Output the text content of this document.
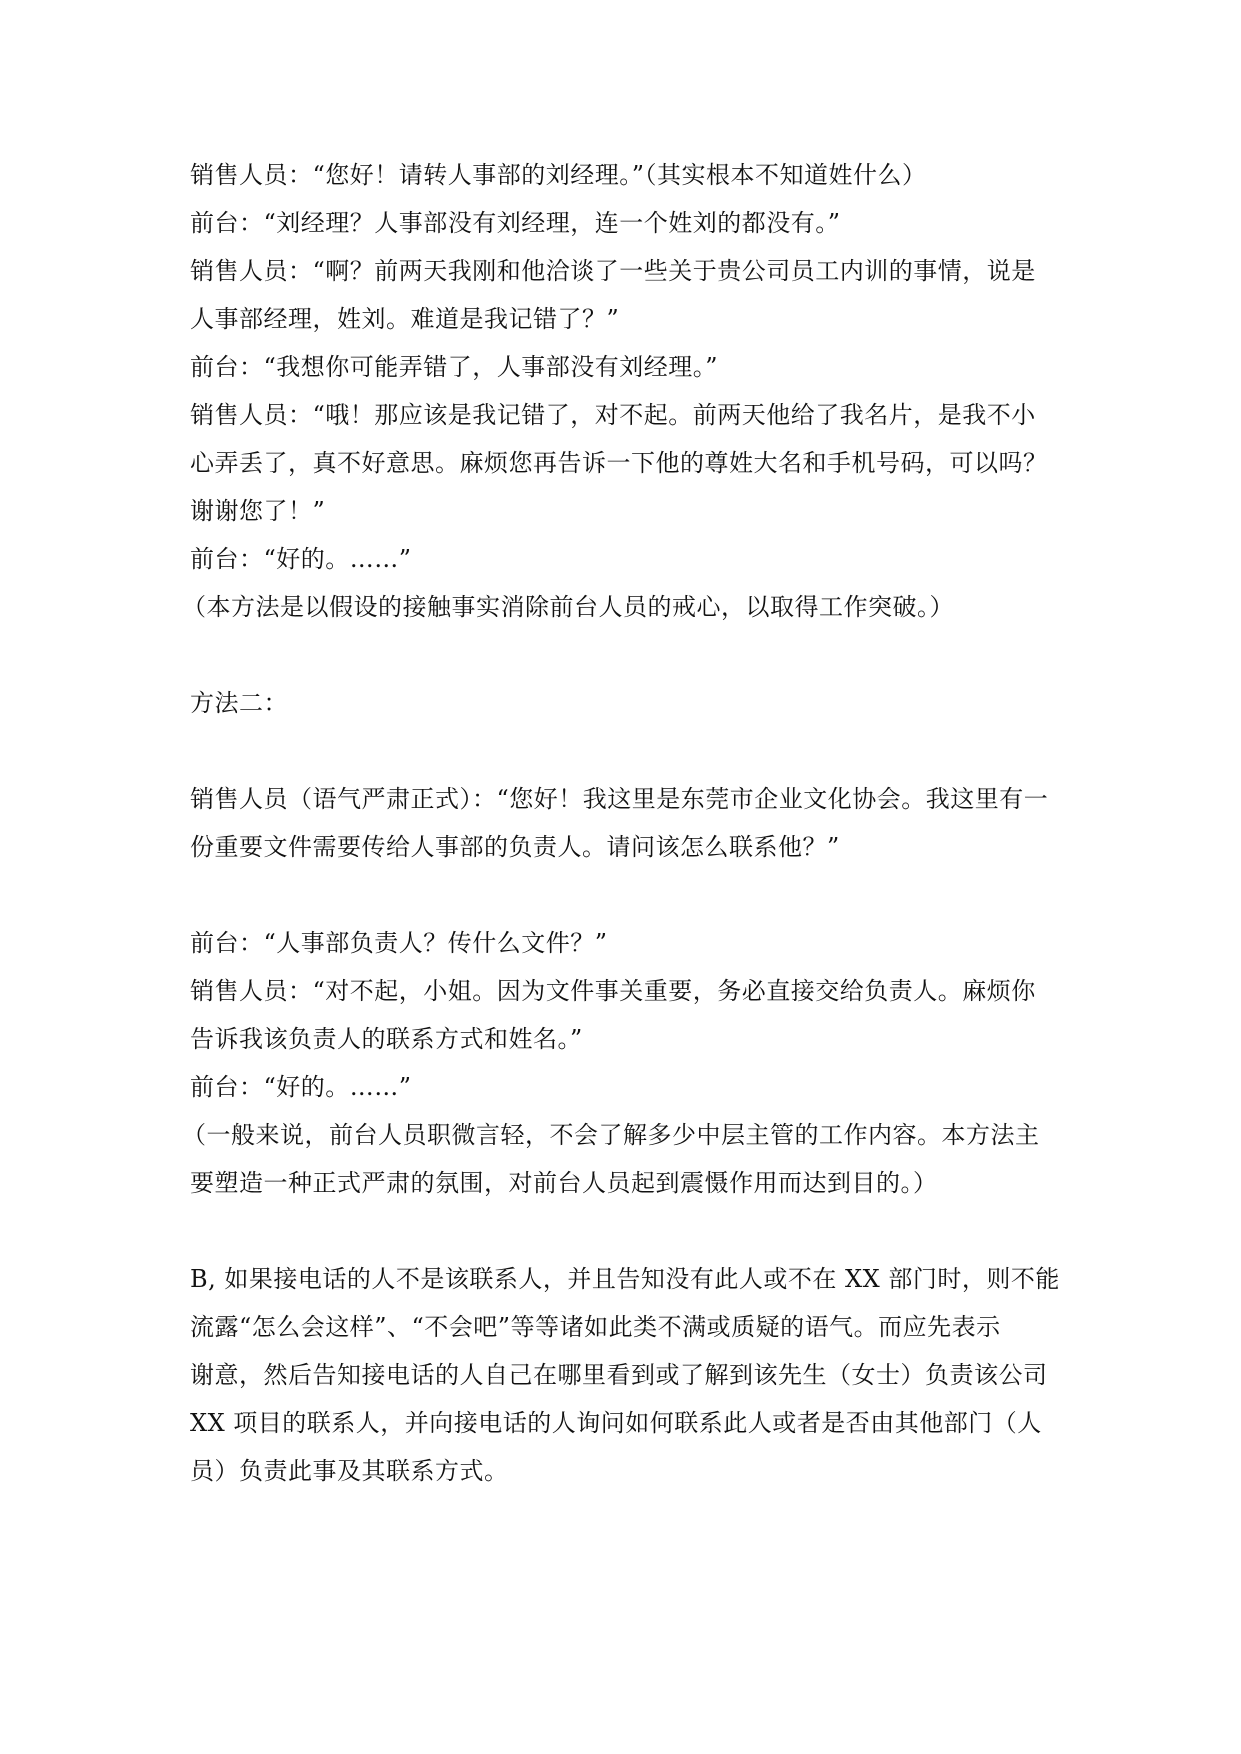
销售人员：“您好！请转人事部的刘经理。”（其实根本不知道姓什么）
前台：“刘经理？人事部没有刘经理，连一个姓刘的都没有。”
销售人员：“啊？前两天我刚和他洽谈了一些关于贵公司员工内训的事情，说是
人事部经理，姓刘。难道是我记错了？”
前台：“我想你可能弄错了，人事部没有刘经理。”
销售人员：“哦！那应该是我记错了，对不起。前两天他给了我名片，是我不小
心弄丢了，真不好意思。麻烦您再告诉一下他的尊姓大名和手机号码，可以吗？
谢谢您了！”
前台：“好的。……”
（本方法是以假设的接触事实消除前台人员的戒心，以取得工作突破。）
方法二：
销售人员（语气严肃正式）：“您好！我这里是东莞市企业文化协会。我这里有一
份重要文件需要传给人事部的负责人。请问该怎么联系他？”
前台：“人事部负责人？传什么文件？”
销售人员：“对不起，小姐。因为文件事关重要，务必直接交给负责人。麻烦你
告诉我该负责人的联系方式和姓名。”
前台：“好的。……”
（一般来说，前台人员职微言轻，不会了解多少中层主管的工作内容。本方法主
要塑造一种正式严肃的氛围，对前台人员起到震慑作用而达到目的。）
B, 如果接电话的人不是该联系人，并且告知没有此人或不在 XX 部门时，则不能
流露“怎么会这样”、“不会吧”等等诸如此类不满或质疑的语气。而应先表示
谢意，然后告知接电话的人自己在哪里看到或了解到该先生（女士）负责该公司
XX 项目的联系人，并向接电话的人询问如何联系此人或者是否由其他部门（人
员）负责此事及其联系方式。
